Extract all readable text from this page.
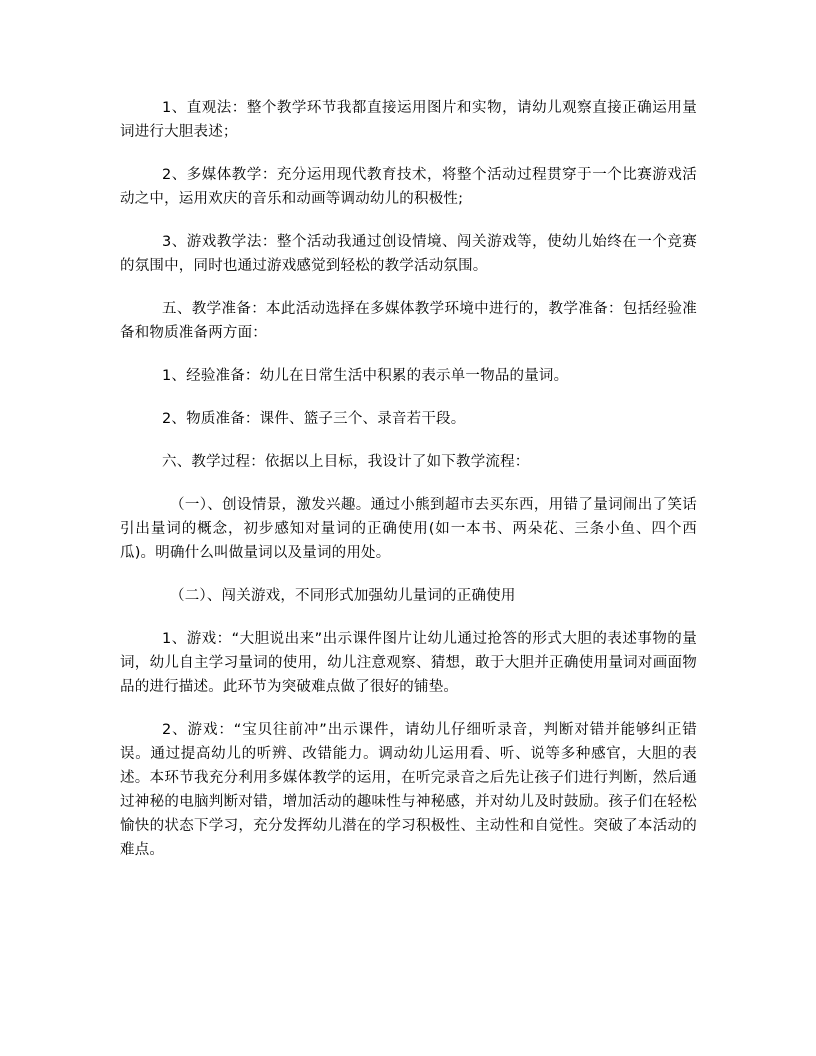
1、直观法：整个教学环节我都直接运用图片和实物，请幼儿观察直接正确运用量词进行大胆表述；

2、多媒体教学：充分运用现代教育技术，将整个活动过程贯穿于一个比赛游戏活动之中，运用欢庆的音乐和动画等调动幼儿的积极性;

3、游戏教学法：整个活动我通过创设情境、闯关游戏等，使幼儿始终在一个竞赛的氛围中，同时也通过游戏感觉到轻松的教学活动氛围。

五、教学准备：本此活动选择在多媒体教学环境中进行的，教学准备：包括经验准备和物质准备两方面：

1、经验准备：幼儿在日常生活中积累的表示单一物品的量词。

2、物质准备：课件、篮子三个、录音若干段。

六、教学过程：依据以上目标，我设计了如下教学流程：

（一）、创设情景，激发兴趣。通过小熊到超市去买东西，用错了量词闹出了笑话引出量词的概念，初步感知对量词的正确使用(如一本书、两朵花、三条小鱼、四个西瓜)。明确什么叫做量词以及量词的用处。

（二）、闯关游戏，不同形式加强幼儿量词的正确使用

1、游戏：“大胆说出来”出示课件图片让幼儿通过抢答的形式大胆的表述事物的量词，幼儿自主学习量词的使用，幼儿注意观察、猜想，敢于大胆并正确使用量词对画面物品的进行描述。此环节为突破难点做了很好的铺垫。

2、游戏：“宝贝往前冲”出示课件，请幼儿仔细听录音，判断对错并能够纠正错误。通过提高幼儿的听辨、改错能力。调动幼儿运用看、听、说等多种感官，大胆的表述。本环节我充分利用多媒体教学的运用，在听完录音之后先让孩子们进行判断，然后通过神秘的电脑判断对错，增加活动的趣味性与神秘感，并对幼儿及时鼓励。孩子们在轻松愉快的状态下学习，充分发挥幼儿潜在的学习积极性、主动性和自觉性。突破了本活动的难点。
